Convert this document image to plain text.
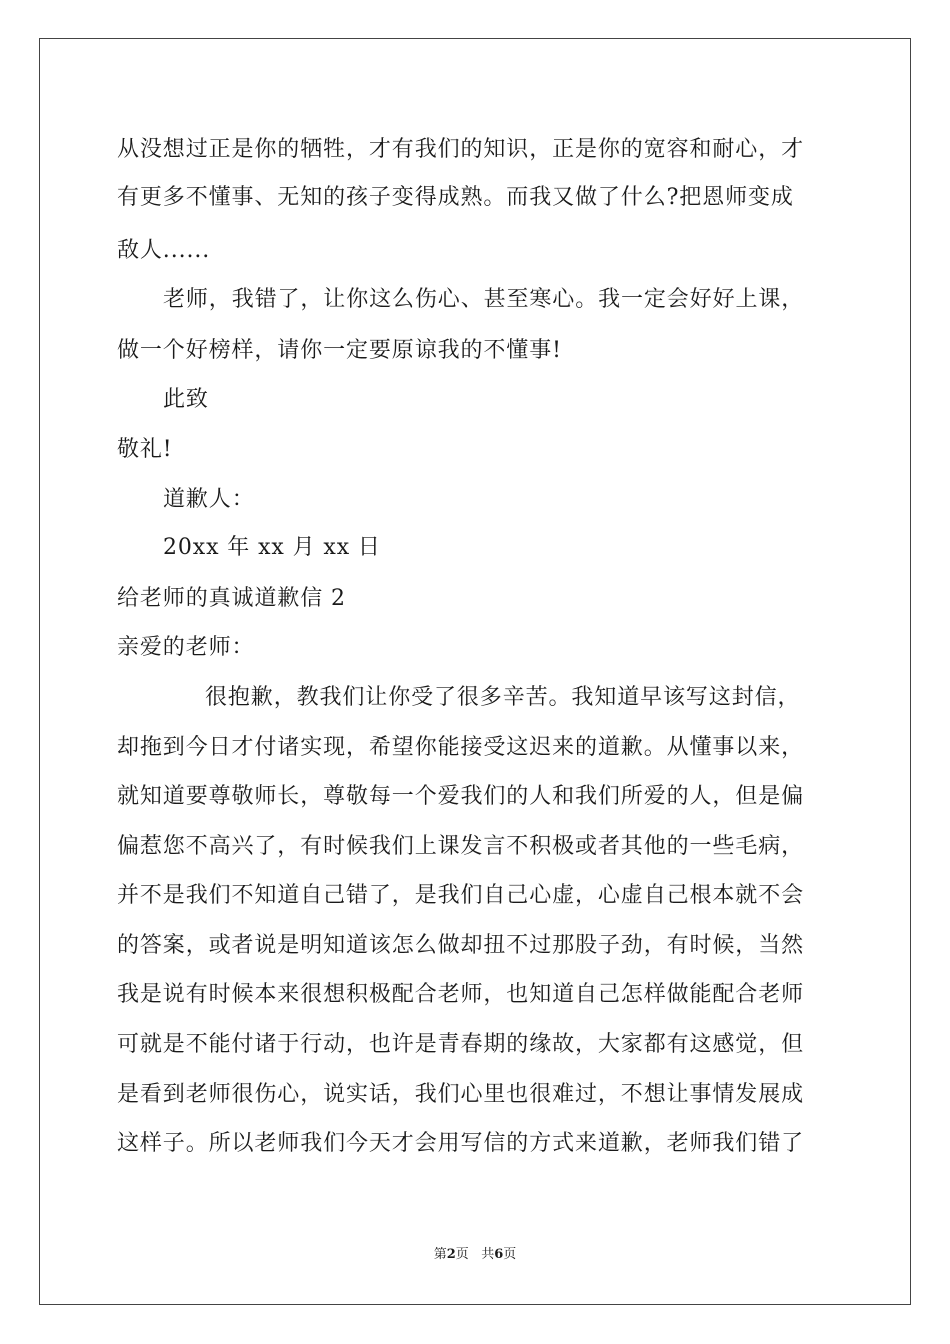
从没想过正是你的牺牲，才有我们的知识，正是你的宽容和耐心，才
有更多不懂事、无知的孩子变得成熟。而我又做了什么?把恩师变成
敌人......
老师，我错了，让你这么伤心、甚至寒心。我一定会好好上课，
做一个好榜样，请你一定要原谅我的不懂事!
此致
敬礼!
道歉人：
20xx 年 xx 月 xx 日
给老师的真诚道歉信 2
亲爱的老师：
很抱歉，教我们让你受了很多辛苦。我知道早该写这封信，
却拖到今日才付诸实现，希望你能接受这迟来的道歉。从懂事以来，
就知道要尊敬师长，尊敬每一个爱我们的人和我们所爱的人，但是偏
偏惹您不高兴了，有时候我们上课发言不积极或者其他的一些毛病，
并不是我们不知道自己错了，是我们自己心虚，心虚自己根本就不会
的答案，或者说是明知道该怎么做却扭不过那股子劲，有时候，当然
我是说有时候本来很想积极配合老师，也知道自己怎样做能配合老师
可就是不能付诸于行动，也许是青春期的缘故，大家都有这感觉，但
是看到老师很伤心，说实话，我们心里也很难过，不想让事情发展成
这样子。所以老师我们今天才会用写信的方式来道歉，老师我们错了
第2页 共6页
